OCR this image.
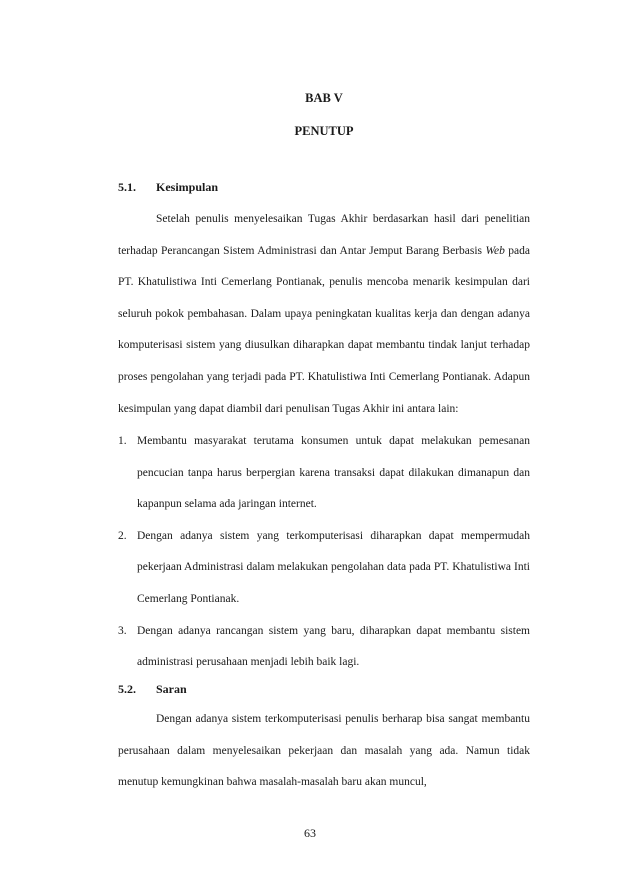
BAB V
PENUTUP
5.1. Kesimpulan

Setelah penulis menyelesaikan Tugas Akhir berdasarkan hasil dari penelitian terhadap Perancangan Sistem Administrasi dan Antar Jemput Barang Berbasis Web pada PT. Khatulistiwa Inti Cemerlang Pontianak, penulis mencoba menarik kesimpulan dari seluruh pokok pembahasan. Dalam upaya peningkatan kualitas kerja dan dengan adanya komputerisasi sistem yang diusulkan diharapkan dapat membantu tindak lanjut terhadap proses pengolahan yang terjadi pada PT. Khatulistiwa Inti Cemerlang Pontianak. Adapun kesimpulan yang dapat diambil dari penulisan Tugas Akhir ini antara lain:

1. Membantu masyarakat terutama konsumen untuk dapat melakukan pemesanan pencucian tanpa harus berpergian karena transaksi dapat dilakukan dimanapun dan kapanpun selama ada jaringan internet.
2. Dengan adanya sistem yang terkomputerisasi diharapkan dapat mempermudah pekerjaan Administrasi dalam melakukan pengolahan data pada PT. Khatulistiwa Inti Cemerlang Pontianak.
3. Dengan adanya rancangan sistem yang baru, diharapkan dapat membantu sistem administrasi perusahaan menjadi lebih baik lagi.
5.2. Saran

Dengan adanya sistem terkomputerisasi penulis berharap bisa sangat membantu perusahaan dalam menyelesaikan pekerjaan dan masalah yang ada. Namun tidak menutup kemungkinan bahwa masalah-masalah baru akan muncul,

63
